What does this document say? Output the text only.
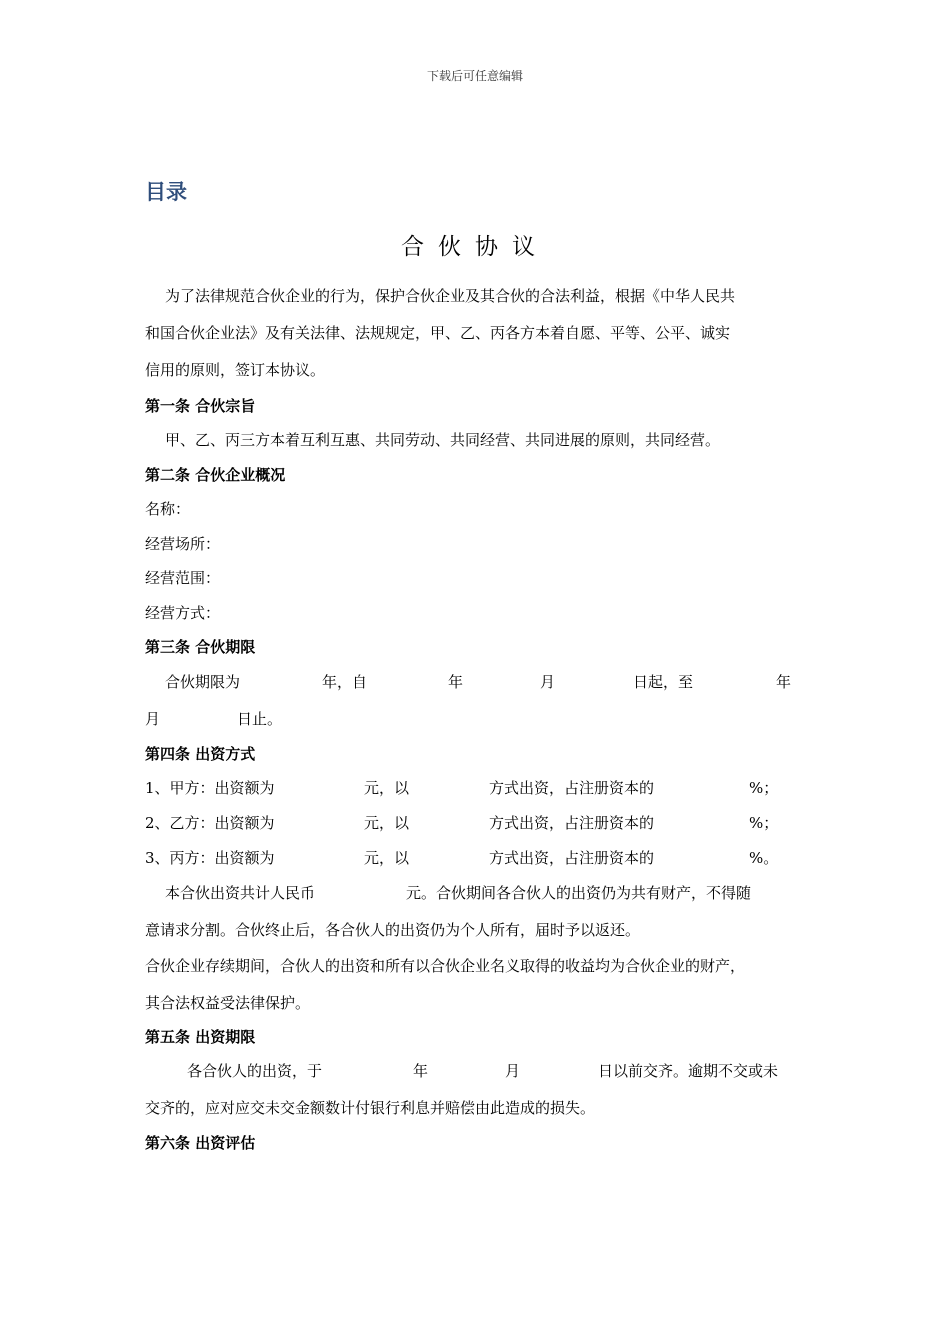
下载后可任意编辑
目录
合伙协议
为了法律规范合伙企业的行为，保护合伙企业及其合伙的合法利益，根据《中华人民共
和国合伙企业法》及有关法律、法规规定，甲、乙、丙各方本着自愿、平等、公平、诚实
信用的原则，签订本协议。
第一条 合伙宗旨
甲、乙、丙三方本着互利互惠、共同劳动、共同经营、共同进展的原则，共同经营。
第二条 合伙企业概况
名称：
经营场所：
经营范围：
经营方式：
第三条 合伙期限
合伙期限为	年，自	年	月	日起，至	年
月	日止。
第四条 出资方式
1、甲方：出资额为	元，以	方式出资，占注册资本的	%；
2、乙方：出资额为	元，以	方式出资，占注册资本的	%；
3、丙方：出资额为	元，以	方式出资，占注册资本的	%。
本合伙出资共计人民币	元。合伙期间各合伙人的出资仍为共有财产，不得随
意请求分割。合伙终止后，各合伙人的出资仍为个人所有，届时予以返还。
合伙企业存续期间，合伙人的出资和所有以合伙企业名义取得的收益均为合伙企业的财产，
其合法权益受法律保护。
第五条 出资期限
各合伙人的出资，于	年	月	日以前交齐。逾期不交或未
交齐的，应对应交未交金额数计付银行利息并赔偿由此造成的损失。
第六条 出资评估
